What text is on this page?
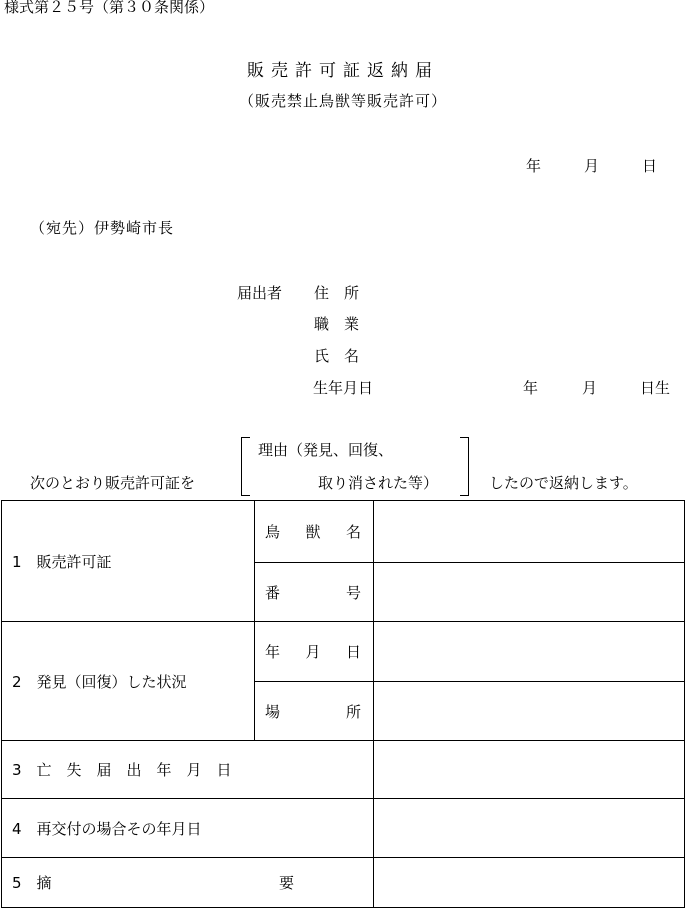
様式第２５号（第３０条関係）
販売許可証返納届
（販売禁止鳥獣等販売許可）
年	月	日
（宛先）伊勢崎市長
届出者 住　所
職　業
氏　名
生年月日	年	月	日生
次のとおり販売許可証を
理由（発見、回復、
取り消された等）	したので返納します。
1　販売許可証	鳥 獣 名	

	番 号	

2　発見（回復）した状況	年 月 日	

	場 所	

3　亡　失　届　出　年　月　日		

4　再交付の場合その年月日		

5　摘 要		
